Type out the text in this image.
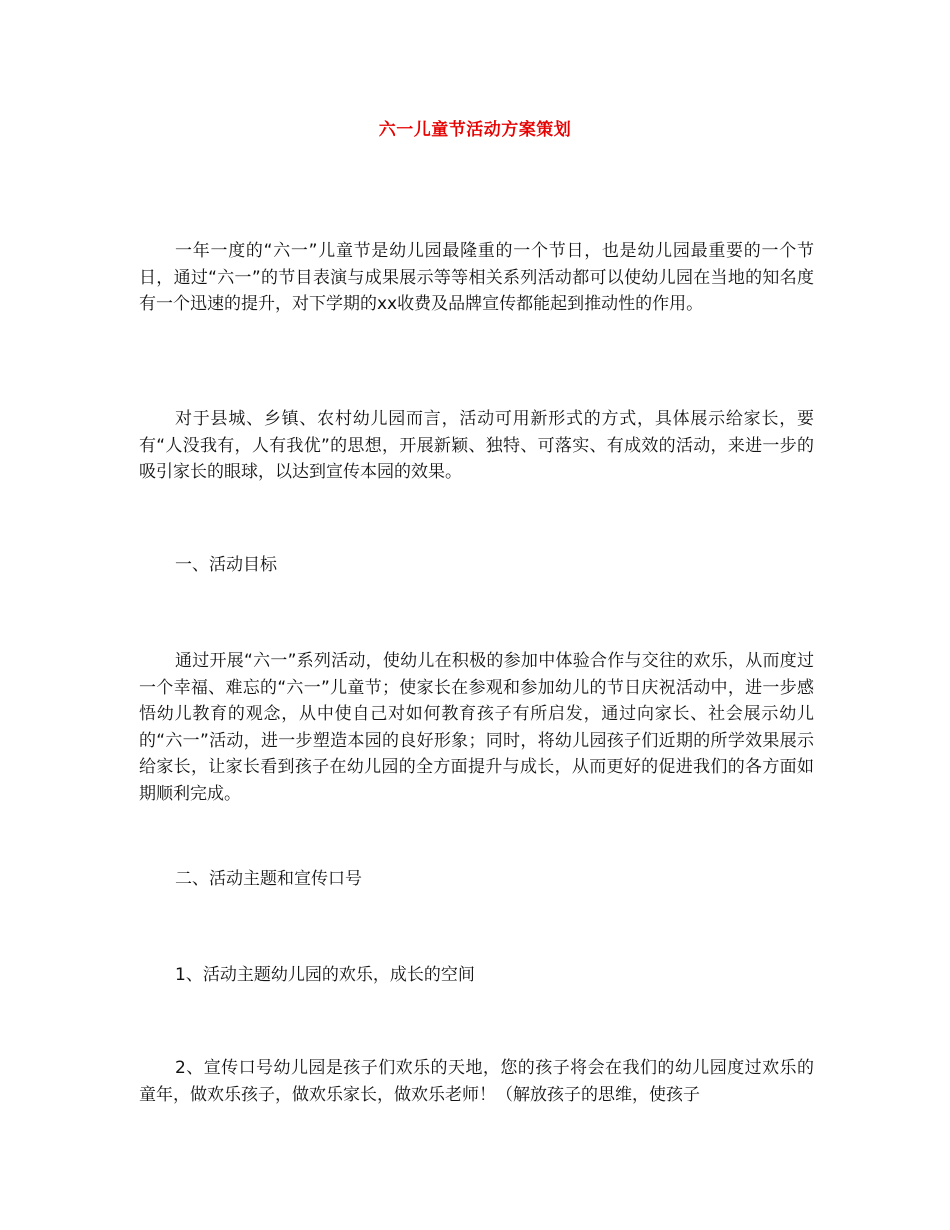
六一儿童节活动方案策划

一年一度的“六一”儿童节是幼儿园最隆重的一个节日，也是幼儿园最重要的一个节日，通过“六一”的节目表演与成果展示等等相关系列活动都可以使幼儿园在当地的知名度有一个迅速的提升，对下学期的xx收费及品牌宣传都能起到推动性的作用。

对于县城、乡镇、农村幼儿园而言，活动可用新形式的方式，具体展示给家长，要有“人没我有，人有我优”的思想，开展新颖、独特、可落实、有成效的活动，来进一步的吸引家长的眼球，以达到宣传本园的效果。

一、活动目标

通过开展“六一”系列活动，使幼儿在积极的参加中体验合作与交往的欢乐，从而度过一个幸福、难忘的“六一”儿童节；使家长在参观和参加幼儿的节日庆祝活动中，进一步感悟幼儿教育的观念，从中使自己对如何教育孩子有所启发，通过向家长、社会展示幼儿的“六一”活动，进一步塑造本园的良好形象；同时，将幼儿园孩子们近期的所学效果展示给家长，让家长看到孩子在幼儿园的全方面提升与成长，从而更好的促进我们的各方面如期顺利完成。

二、活动主题和宣传口号

1、活动主题幼儿园的欢乐，成长的空间

2、宣传口号幼儿园是孩子们欢乐的天地，您的孩子将会在我们的幼儿园度过欢乐的童年，做欢乐孩子，做欢乐家长，做欢乐老师！（解放孩子的思维，使孩子
